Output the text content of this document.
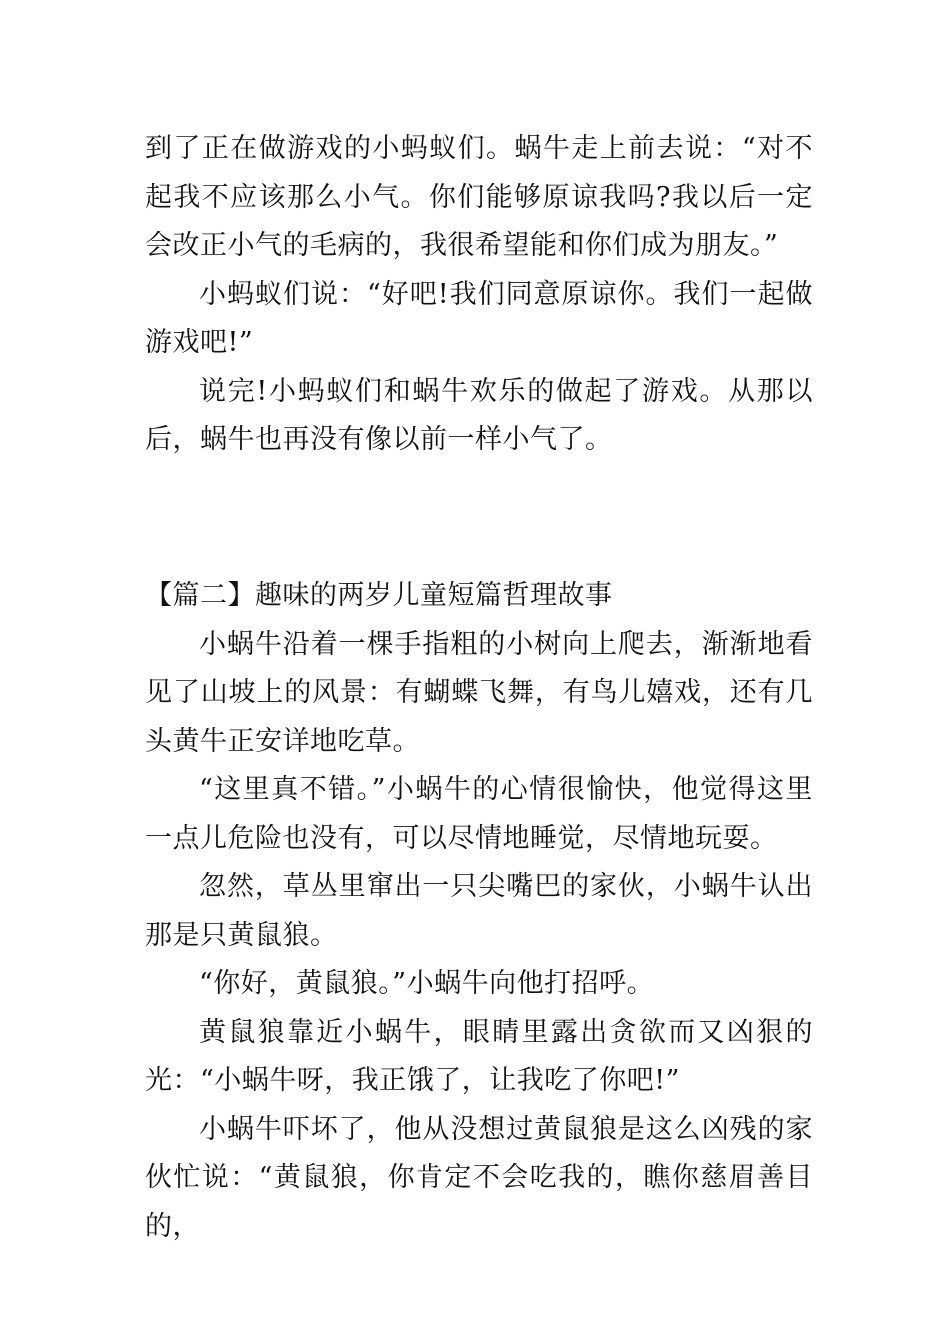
到了正在做游戏的小蚂蚁们。蜗牛走上前去说：“对不起我不应该那么小气。你们能够原谅我吗?我以后一定会改正小气的毛病的，我很希望能和你们成为朋友。”

小蚂蚁们说：“好吧!我们同意原谅你。我们一起做游戏吧!”

说完!小蚂蚁们和蜗牛欢乐的做起了游戏。从那以后，蜗牛也再没有像以前一样小气了。

【篇二】趣味的两岁儿童短篇哲理故事

小蜗牛沿着一棵手指粗的小树向上爬去，渐渐地看见了山坡上的风景：有蝴蝶飞舞，有鸟儿嬉戏，还有几头黄牛正安详地吃草。

“这里真不错。”小蜗牛的心情很愉快，他觉得这里一点儿危险也没有，可以尽情地睡觉，尽情地玩耍。

忽然，草丛里窜出一只尖嘴巴的家伙，小蜗牛认出那是只黄鼠狼。

“你好，黄鼠狼。”小蜗牛向他打招呼。

黄鼠狼靠近小蜗牛，眼睛里露出贪欲而又凶狠的光：“小蜗牛呀，我正饿了，让我吃了你吧!”

小蜗牛吓坏了，他从没想过黄鼠狼是这么凶残的家伙忙说：“黄鼠狼，你肯定不会吃我的，瞧你慈眉善目的，
